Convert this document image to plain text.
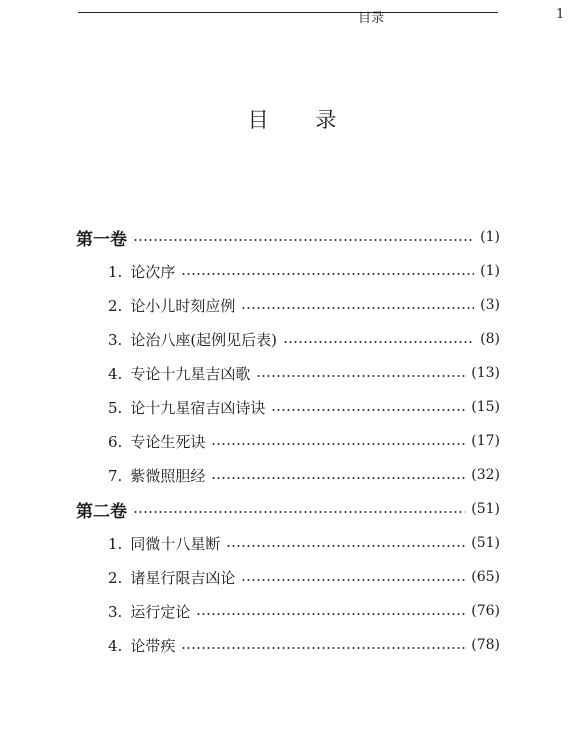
目录	1
目 录
第一卷	(1)
1. 论次序	(1)
2. 论小儿时刻应例	(3)
3. 论治八座(起例见后表)	(8)
4. 专论十九星吉凶歌	(13)
5. 论十九星宿吉凶诗诀	(15)
6. 专论生死诀	(17)
7. 紫微照胆经	(32)
第二卷	(51)
1. 同微十八星断	(51)
2. 诸星行限吉凶论	(65)
3. 运行定论	(76)
4. 论带疾	(78)
